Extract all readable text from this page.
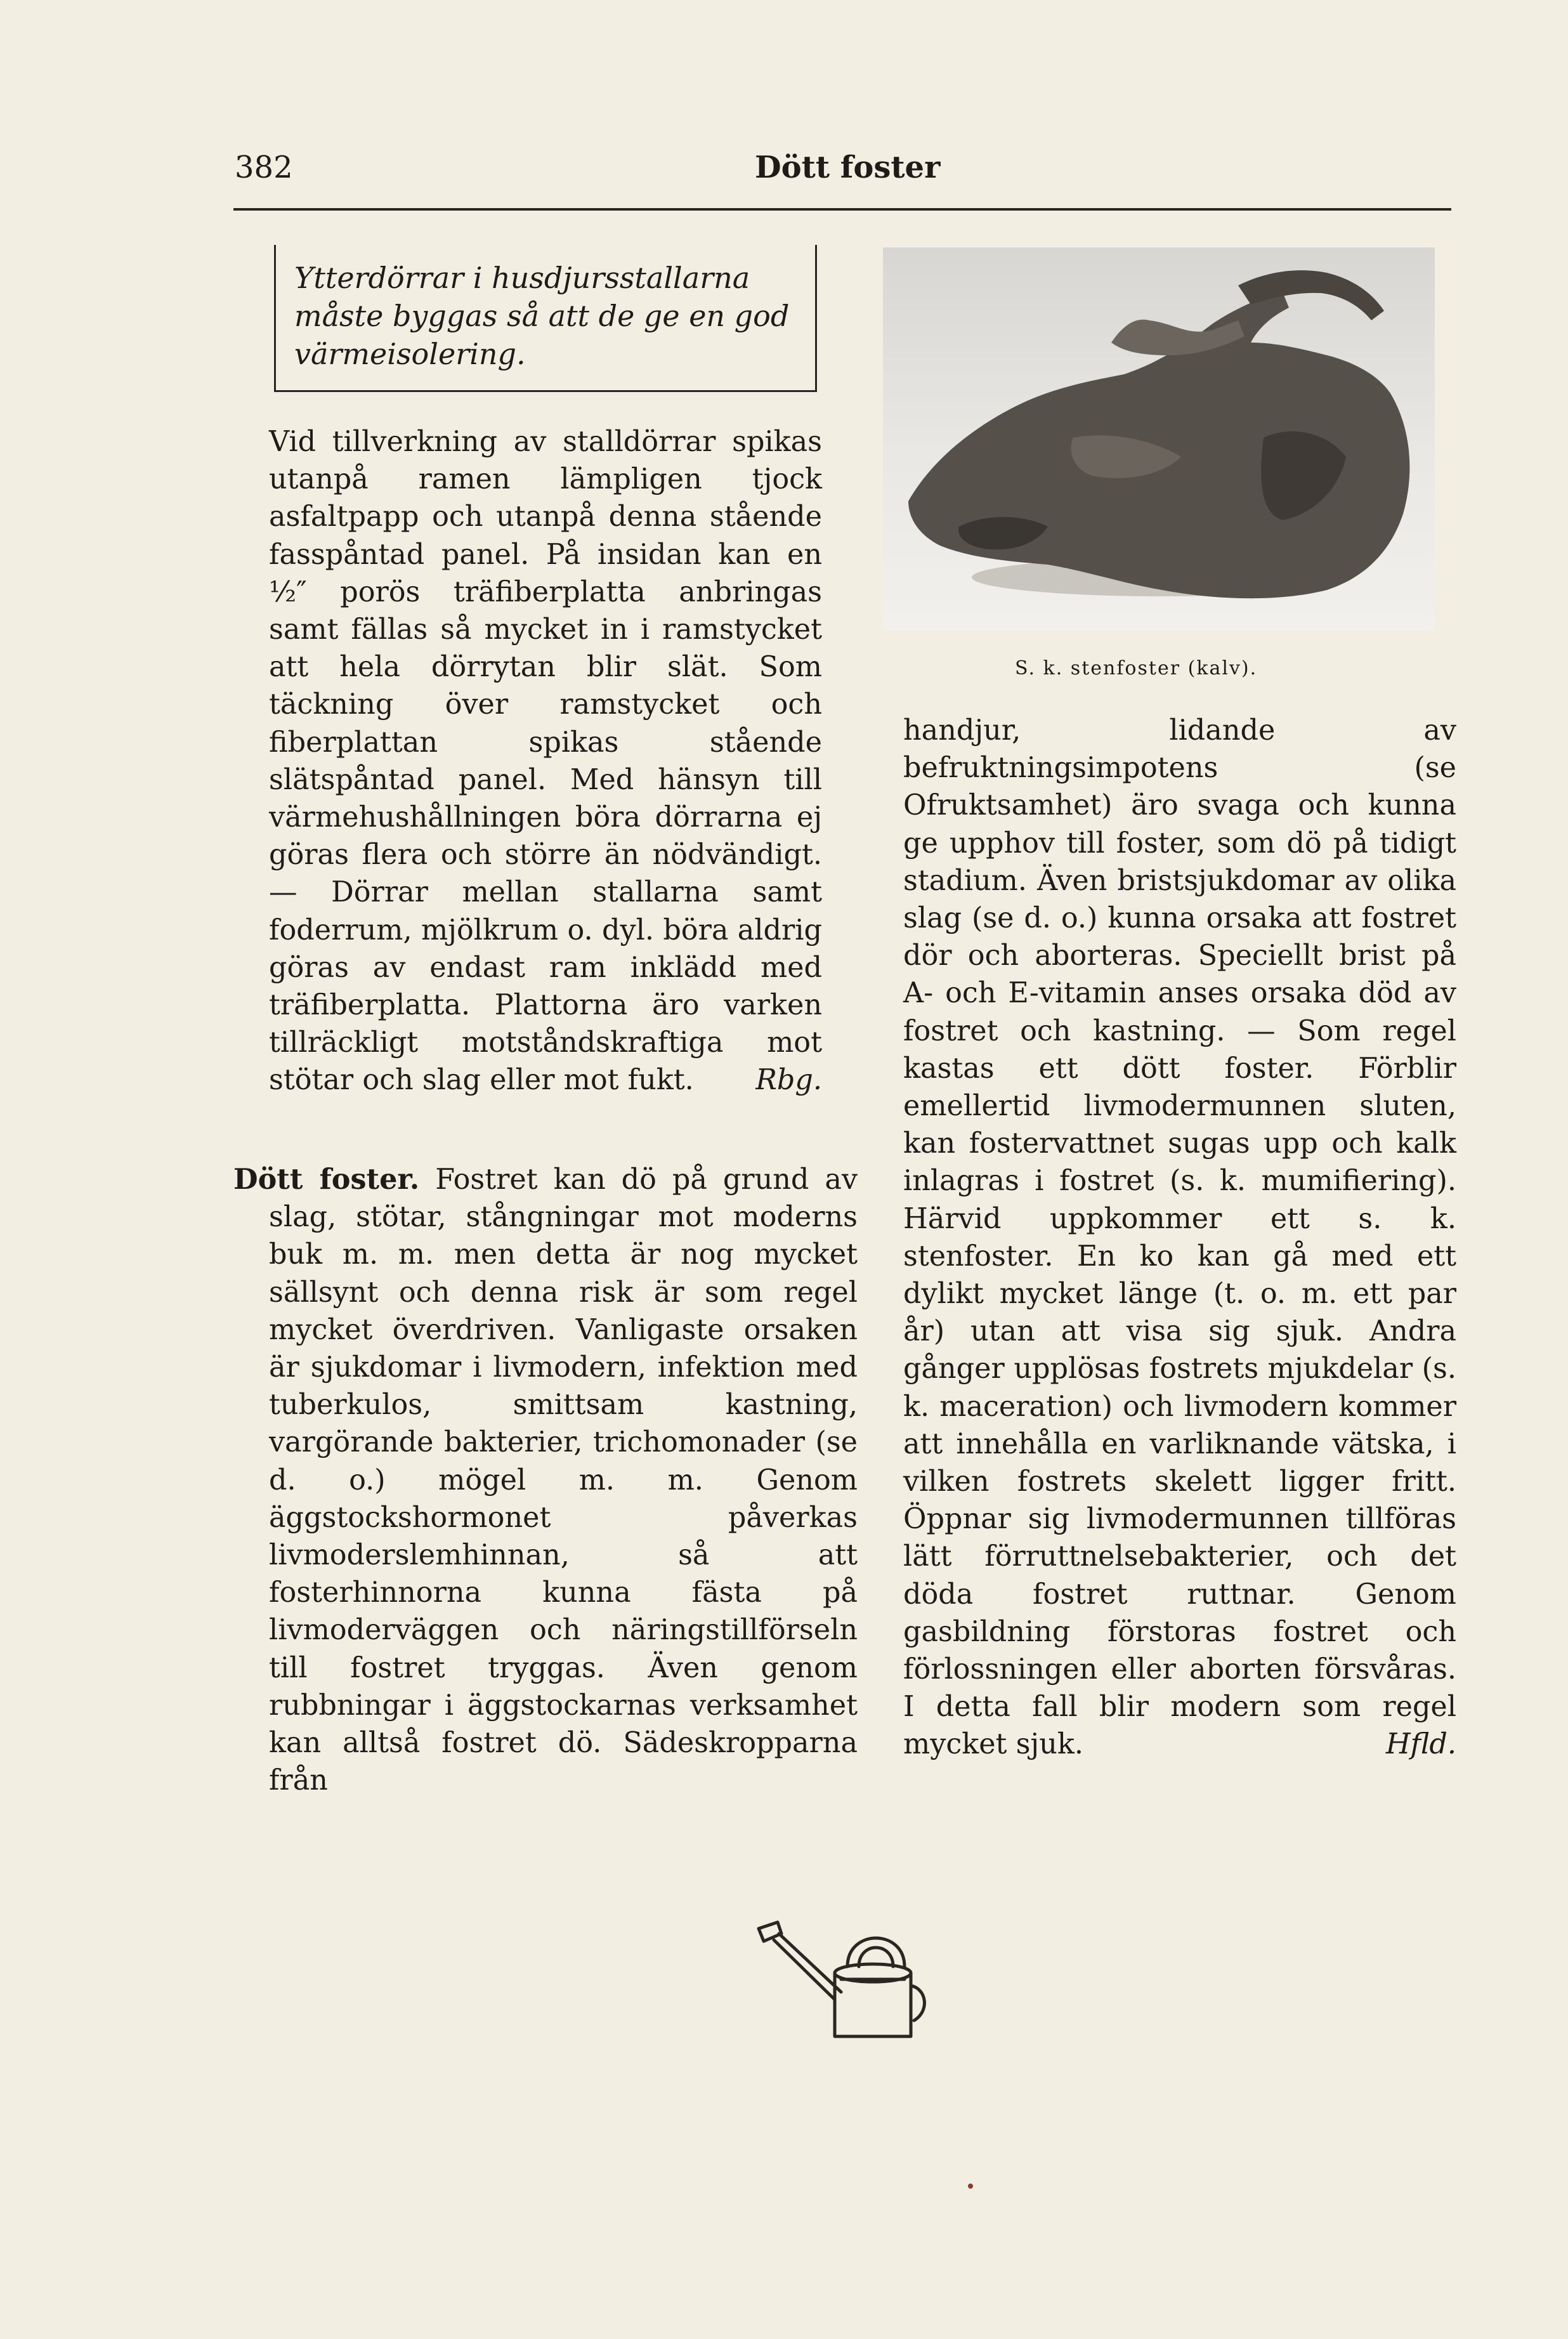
382	Dött foster

Ytterdörrar i husdjursstallarna måste byggas så att de ge en god värmeisolering.

Vid tillverkning av stalldörrar spikas utanpå ramen lämpligen tjock asfaltpapp och utanpå denna stående fasspåntad panel. På insidan kan en ½″ porös träfiberplatta anbringas samt fällas så mycket in i ramstycket att hela dörrytan blir slät. Som täckning över ramstycket och fiberplattan spikas stående slätspåntad panel. Med hänsyn till värmehushållningen böra dörrarna ej göras flera och större än nödvändigt. — Dörrar mellan stallarna samt foderrum, mjölkrum o. dyl. böra aldrig göras av endast ram inklädd med träfiberplatta. Plattorna äro varken tillräckligt motståndskraftiga mot stötar och slag eller mot fukt. Rbg.
Dött foster. Fostret kan dö på grund av slag, stötar, stångningar mot moderns buk m. m. men detta är nog mycket sällsynt och denna risk är som regel mycket överdriven. Vanligaste orsaken är sjukdomar i livmodern, infektion med tuberkulos, smittsam kastning, vargörande bakterier, trichomonader (se d. o.) mögel m. m. Genom äggstockshormonet påverkas livmoderslemhinnan, så att fosterhinnorna kunna fästa på livmoderväggen och näringstillförseln till fostret tryggas. Även genom rubbningar i äggstockarnas verksamhet kan alltså fostret dö. Sädeskropparna från
S. k. stenfoster (kalv).
handjur, lidande av befruktningsimpotens (se Ofruktsamhet) äro svaga och kunna ge upphov till foster, som dö på tidigt stadium. Även bristsjukdomar av olika slag (se d. o.) kunna orsaka att fostret dör och aborteras. Speciellt brist på A- och E-vitamin anses orsaka död av fostret och kastning. — Som regel kastas ett dött foster. Förblir emellertid livmodermunnen sluten, kan fostervattnet sugas upp och kalk inlagras i fostret (s. k. mumifiering). Härvid uppkommer ett s. k. stenfoster. En ko kan gå med ett dylikt mycket länge (t. o. m. ett par år) utan att visa sig sjuk. Andra gånger upplösas fostrets mjukdelar (s. k. maceration) och livmodern kommer att innehålla en varliknande vätska, i vilken fostrets skelett ligger fritt. Öppnar sig livmodermunnen tillföras lätt förruttnelsebakterier, och det döda fostret ruttnar. Genom gasbildning förstoras fostret och förlossningen eller aborten försvåras. I detta fall blir modern som regel mycket sjuk.	Hfld.
